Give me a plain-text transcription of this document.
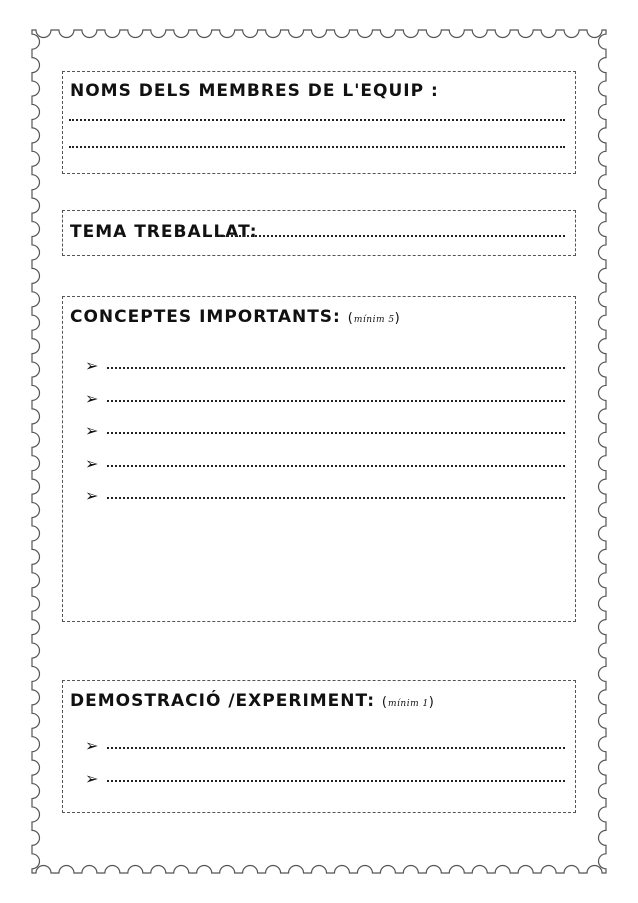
NOMS DELS MEMBRES DE L'EQUIP :
TEMA TREBALLAT:
CONCEPTES IMPORTANTS: (mínim 5)
➢
➢
➢
➢
➢
DEMOSTRACIÓ /EXPERIMENT: (mínim 1)
➢
➢
